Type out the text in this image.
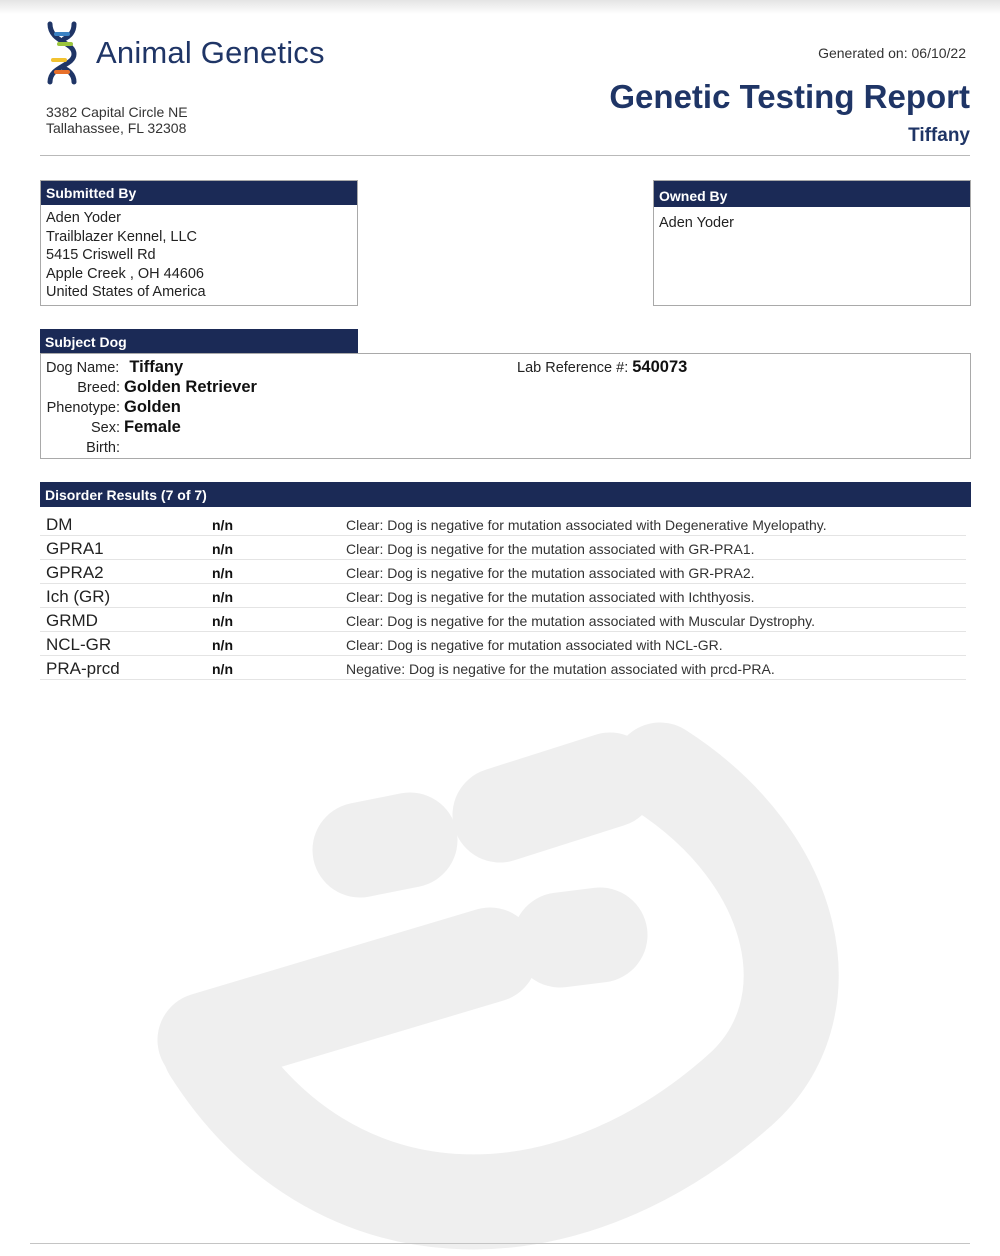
Animal Genetics
3382 Capital Circle NE
Tallahassee, FL 32308
Generated on: 06/10/22
Genetic Testing Report
Tiffany
Submitted By
Aden Yoder
Trailblazer Kennel, LLC
5415 Criswell Rd
Apple Creek , OH 44606
United States of America
Owned By
Aden Yoder
Subject Dog
Dog Name: Tiffany
Breed: Golden Retriever
Phenotype: Golden
Sex: Female
Birth:
Lab Reference #: 540073
Disorder Results (7 of 7)
DM	n/n	Clear: Dog is negative for mutation associated with Degenerative Myelopathy.
GPRA1	n/n	Clear: Dog is negative for the mutation associated with GR-PRA1.
GPRA2	n/n	Clear: Dog is negative for the mutation associated with GR-PRA2.
Ich (GR)	n/n	Clear: Dog is negative for the mutation associated with Ichthyosis.
GRMD	n/n	Clear: Dog is negative for the mutation associated with Muscular Dystrophy.
NCL-GR	n/n	Clear: Dog is negative for mutation associated with NCL-GR.
PRA-prcd	n/n	Negative: Dog is negative for the mutation associated with prcd-PRA.
